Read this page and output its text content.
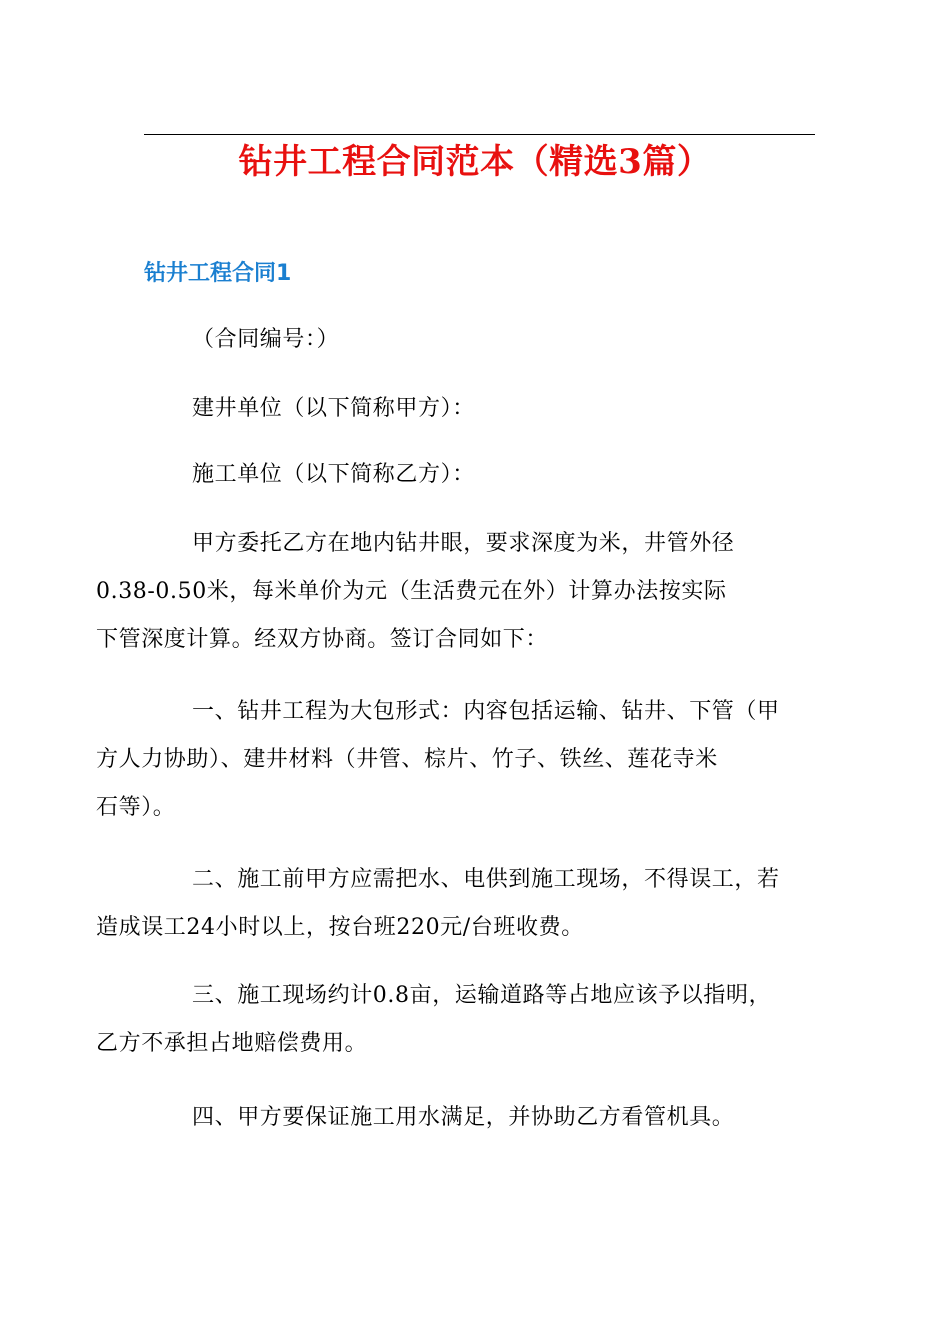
钻井工程合同范本（精选3篇）
钻井工程合同1
（合同编号：）
建井单位（以下简称甲方）：
施工单位（以下简称乙方）：
甲方委托乙方在地内钻井眼，要求深度为米，井管外径
0.38-0.50米，每米单价为元（生活费元在外）计算办法按实际
下管深度计算。经双方协商。签订合同如下：
一、钻井工程为大包形式：内容包括运输、钻井、下管（甲
方人力协助）、建井材料（井管、棕片、竹子、铁丝、莲花寺米
石等）。
二、施工前甲方应需把水、电供到施工现场，不得误工，若
造成误工24小时以上，按台班220元/台班收费。
三、施工现场约计0.8亩，运输道路等占地应该予以指明，
乙方不承担占地赔偿费用。
四、甲方要保证施工用水满足，并协助乙方看管机具。
